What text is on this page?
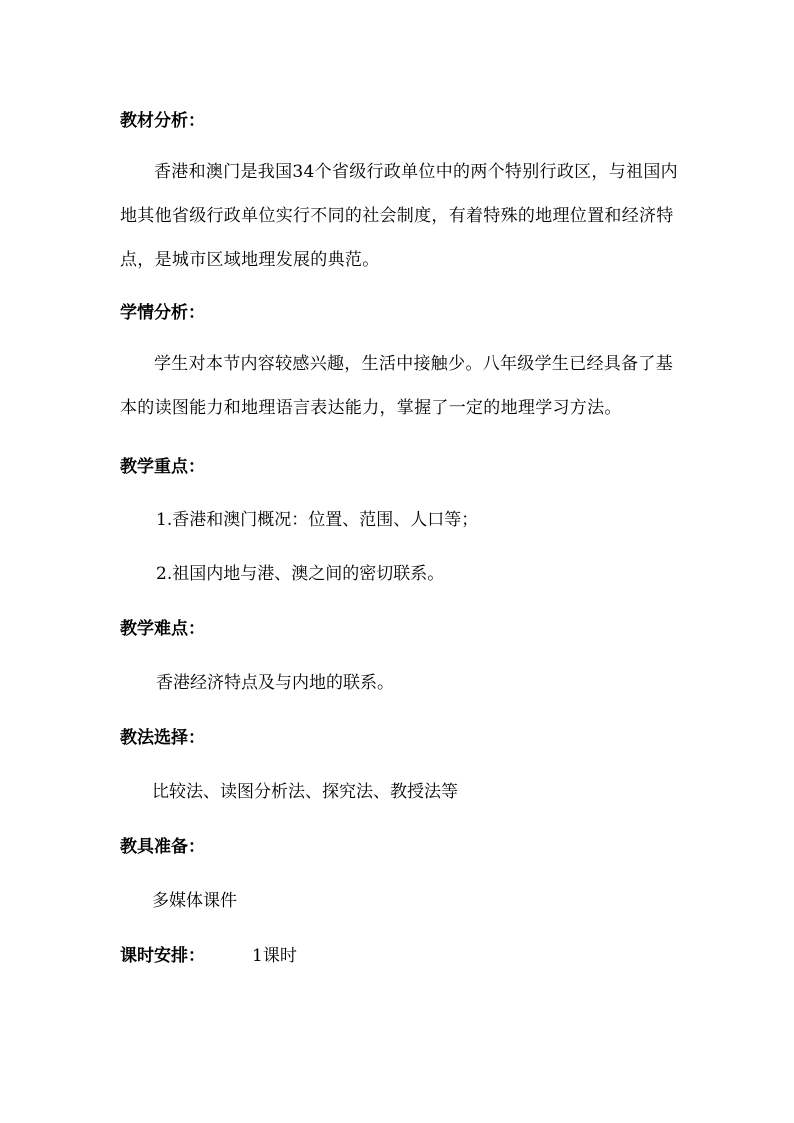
教材分析：

香港和澳门是我国34个省级行政单位中的两个特别行政区，与祖国内地其他省级行政单位实行不同的社会制度，有着特殊的地理位置和经济特点，是城市区域地理发展的典范。

学情分析：

学生对本节内容较感兴趣，生活中接触少。八年级学生已经具备了基本的读图能力和地理语言表达能力，掌握了一定的地理学习方法。

教学重点：
1.香港和澳门概况：位置、范围、人口等；
2.祖国内地与港、澳之间的密切联系。
教学难点：
香港经济特点及与内地的联系。
教法选择：
比较法、读图分析法、探究法、教授法等
教具准备：
多媒体课件
课时安排：	1课时
